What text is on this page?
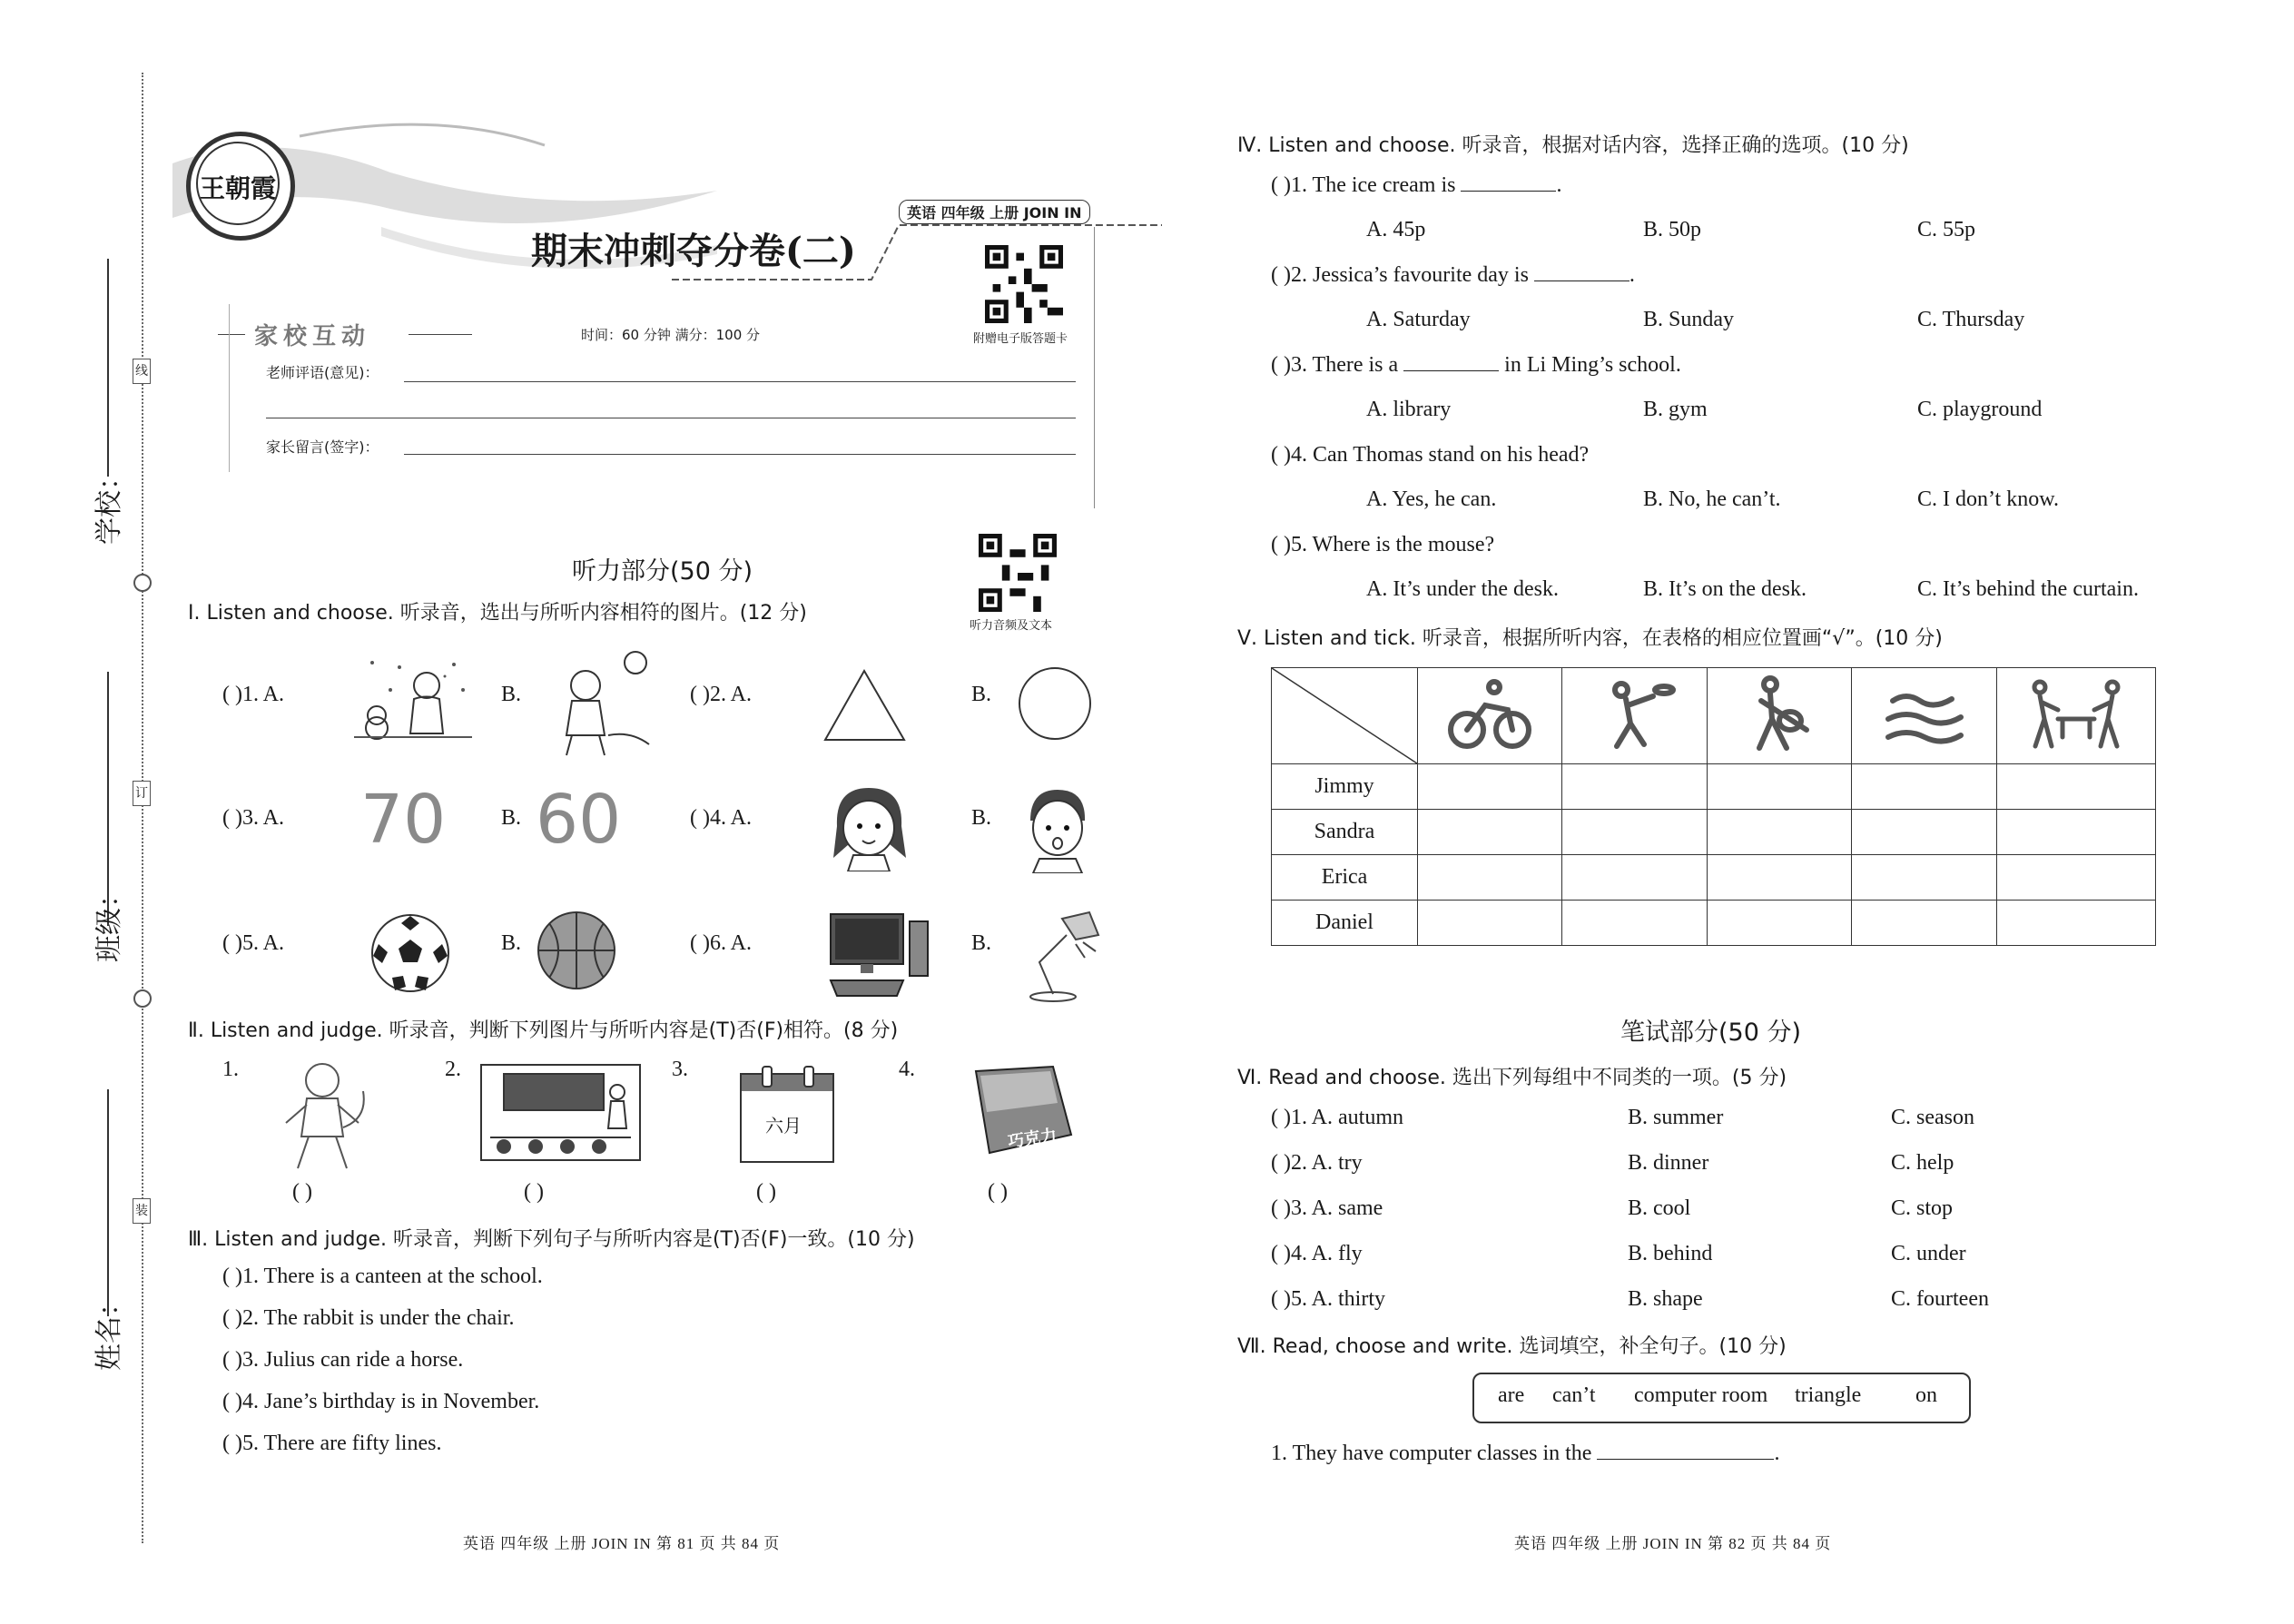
学校：
班级：
姓名：
线
订
装
王朝霞
期末冲刺夺分卷(二)
英语 四年级 上册 JOIN IN
附赠电子版答题卡
听力音频及文本
家校互动	时间：60 分钟 满分：100 分
老师评语(意见)：
家长留言(签字)：
听力部分(50 分)
Ⅰ. Listen and choose. 听录音，选出与所听内容相符的图片。(12 分)
( )1. A.	B.	( )2. A.	B.
( )3. A. 70	B. 60	( )4. A.	B.
( )5. A.	B.	( )6. A.	B.
Ⅱ. Listen and judge. 听录音，判断下列图片与所听内容是(T)否(F)相符。(8 分)
1.	2.	3.	4.
六月
巧克力
( )	( )	( )	( )
Ⅲ. Listen and judge. 听录音，判断下列句子与所听内容是(T)否(F)一致。(10 分)
( )1. There is a canteen at the school.
( )2. The rabbit is under the chair.
( )3. Julius can ride a horse.
( )4. Jane’s birthday is in November.
( )5. There are fifty lines.
英语 四年级 上册 JOIN IN 第 81 页 共 84 页
Ⅳ. Listen and choose. 听录音，根据对话内容，选择正确的选项。(10 分)
( )1. The ice cream is	.
A. 45p	B. 50p	C. 55p
( )2. Jessica’s favourite day is	.
A. Saturday	B. Sunday	C. Thursday
( )3. There is a	in Li Ming’s school.
A. library	B. gym	C. playground
( )4. Can Thomas stand on his head?
A. Yes, he can.	B. No, he can’t.	C. I don’t know.
( )5. Where is the mouse?
A. It’s under the desk.	B. It’s on the desk.	C. It’s behind the curtain.
Ⅴ. Listen and tick. 听录音，根据所听内容，在表格的相应位置画“√”。(10 分)

Jimmy					
Sandra					
Erica					
Daniel					
笔试部分(50 分)
Ⅵ. Read and choose. 选出下列每组中不同类的一项。(5 分)
( )1. A. autumn	B. summer	C. season
( )2. A. try	B. dinner	C. help
( )3. A. same	B. cool	C. stop
( )4. A. fly	B. behind	C. under
( )5. A. thirty	B. shape	C. fourteen
Ⅶ. Read, choose and write. 选词填空，补全句子。(10 分)
are can’t computer room triangle on
1. They have computer classes in the	.
英语 四年级 上册 JOIN IN 第 82 页 共 84 页
